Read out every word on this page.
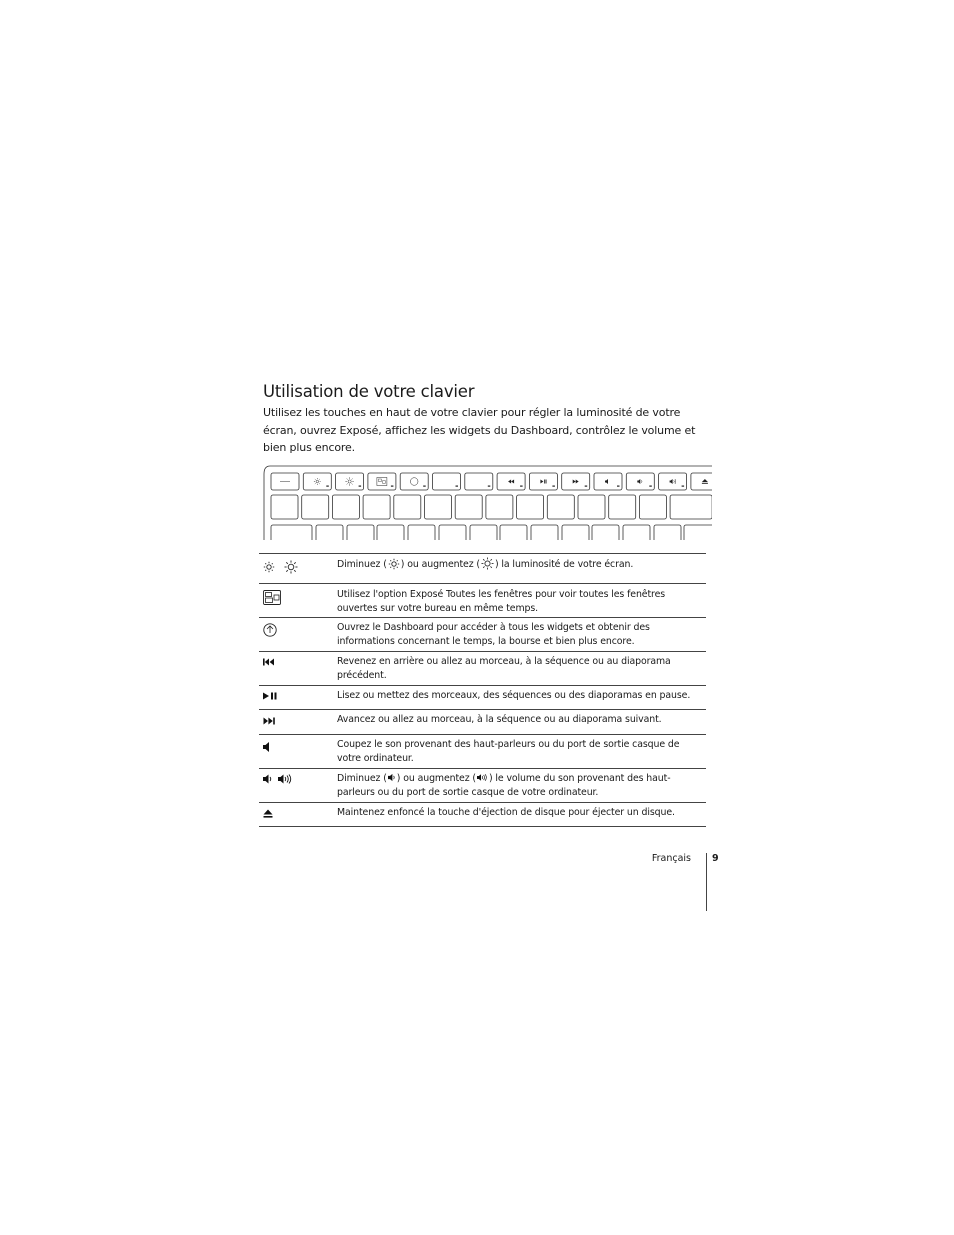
Utilisation de votre clavier

Utilisez les touches en haut de votre clavier pour régler la luminosité de votre écran, ouvrez Exposé, affichez les widgets du Dashboard, contrôlez le volume et bien plus encore.

Diminuez ( ) ou augmentez ( ) la luminosité de votre écran.
Utilisez l'option Exposé Toutes les fenêtres pour voir toutes les fenêtres ouvertes sur votre bureau en même temps.
Ouvrez le Dashboard pour accéder à tous les widgets et obtenir des informations concernant le temps, la bourse et bien plus encore.
Revenez en arrière ou allez au morceau, à la séquence ou au diaporama précédent.
Lisez ou mettez des morceaux, des séquences ou des diaporamas en pause.
Avancez ou allez au morceau, à la séquence ou au diaporama suivant.
Coupez le son provenant des haut-parleurs ou du port de sortie casque de votre ordinateur.

Diminuez ( ) ou augmentez ( ) le volume du son provenant des haut-parleurs ou du port de sortie casque de votre ordinateur.
Maintenez enfoncé la touche d'éjection de disque pour éjecter un disque.
Français 9
